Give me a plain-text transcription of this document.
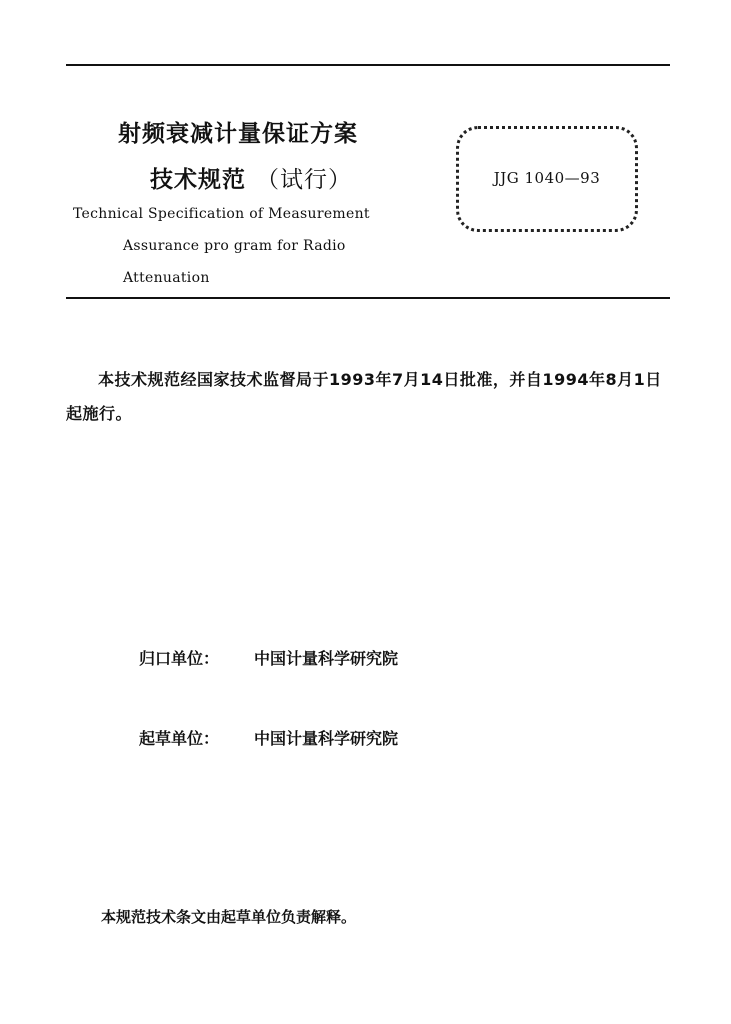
射频衰减计量保证方案
技术规范 （试行）
Technical Specification of Measurement
Assurance pro gram for Radio
Attenuation
JJG 1040—93
本技术规范经国家技术监督局于1993年7月14日批准，并自1994年8月1日起施行。
归口单位： 中国计量科学研究院
起草单位： 中国计量科学研究院
本规范技术条文由起草单位负责解释。
